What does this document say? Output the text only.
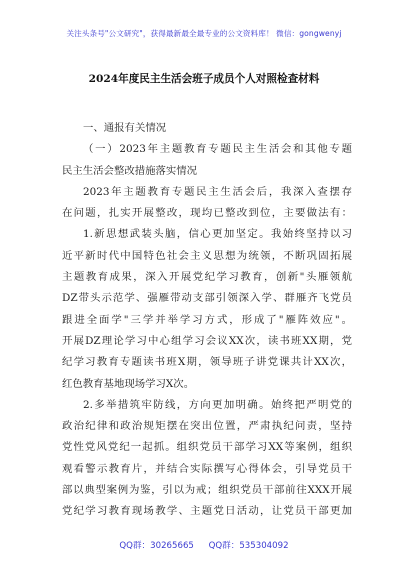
关注头条号"公文研究"，获得最新最全最专业的公文资料库！ 微信：gongwenyj
2024年度民主生活会班子成员个人对照检查材料
一、通报有关情况
（一）2023年主题教育专题民主生活会和其他专题
民主生活会整改措施落实情况
2023年主题教育专题民主生活会后，我深入查摆存
在问题，扎实开展整改，现均已整改到位，主要做法有：
1.新思想武装头脑，信心更加坚定。我始终坚持以习
近平新时代中国特色社会主义思想为统领，不断巩固拓展
主题教育成果，深入开展党纪学习教育，创新"头雁领航
DZ带头示范学、强雁带动支部引领深入学、群雁齐飞党员
跟进全面学"三学并举学习方式，形成了"雁阵效应"。
开展DZ理论学习中心组学习会议XX次，读书班XX期，党
纪学习教育专题读书班X期，领导班子讲党课共计XX次，
红色教育基地现场学习X次。
2.多举措筑牢防线，方向更加明确。始终把严明党的
政治纪律和政治规矩摆在突出位置，严肃执纪问责，坚持
党性党风党纪一起抓。组织党员干部学习XX等案例，组织
观看警示教育片，并结合实际撰写心得体会，引导党员干
部以典型案例为鉴，引以为戒；组织党员干部前往XXX开展
党纪学习教育现场教学、主题党日活动，让党员干部更加
QQ群：30265665 QQ群：535304092
